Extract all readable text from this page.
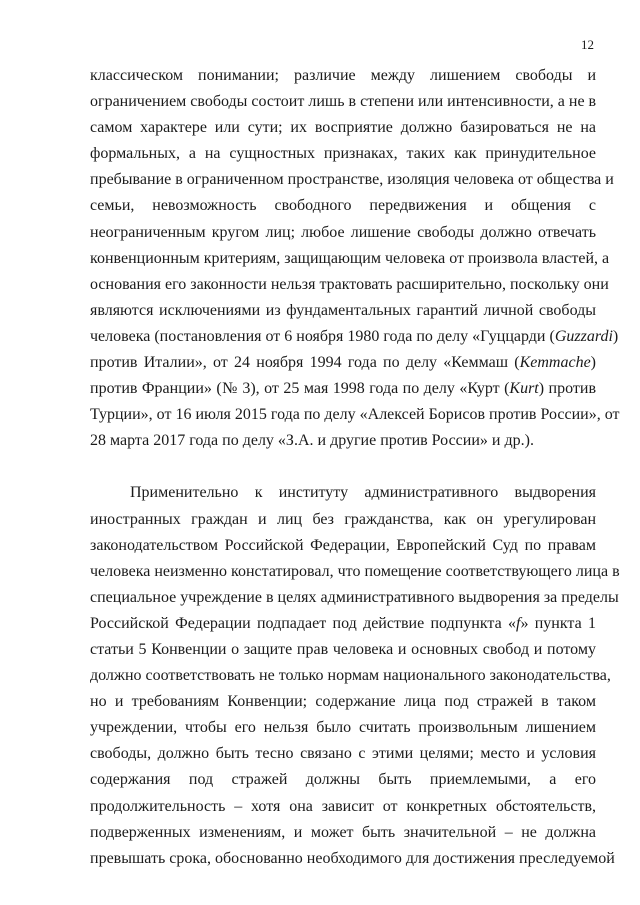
12
классическом понимании; различие между лишением свободы и
ограничением свободы состоит лишь в степени или интенсивности, а не в
самом характере или сути; их восприятие должно базироваться не на
формальных, а на сущностных признаках, таких как принудительное
пребывание в ограниченном пространстве, изоляция человека от общества и
семьи, невозможность свободного передвижения и общения с
неограниченным кругом лиц; любое лишение свободы должно отвечать
конвенционным критериям, защищающим человека от произвола властей, а
основания его законности нельзя трактовать расширительно, поскольку они
являются исключениями из фундаментальных гарантий личной свободы
человека (постановления от 6 ноября 1980 года по делу «Гуццарди (Guzzardi)
против Италии», от 24 ноября 1994 года по делу «Кеммаш (Kemmache)
против Франции» (№ 3), от 25 мая 1998 года по делу «Курт (Kurt) против
Турции», от 16 июля 2015 года по делу «Алексей Борисов против России», от
28 марта 2017 года по делу «З.А. и другие против России» и др.).
Применительно к институту административного выдворения
иностранных граждан и лиц без гражданства, как он урегулирован
законодательством Российской Федерации, Европейский Суд по правам
человека неизменно констатировал, что помещение соответствующего лица в
специальное учреждение в целях административного выдворения за пределы
Российской Федерации подпадает под действие подпункта «f» пункта 1
статьи 5 Конвенции о защите прав человека и основных свобод и потому
должно соответствовать не только нормам национального законодательства,
но и требованиям Конвенции; содержание лица под стражей в таком
учреждении, чтобы его нельзя было считать произвольным лишением
свободы, должно быть тесно связано с этими целями; место и условия
содержания под стражей должны быть приемлемыми, а его
продолжительность – хотя она зависит от конкретных обстоятельств,
подверженных изменениям, и может быть значительной – не должна
превышать срока, обоснованно необходимого для достижения преследуемой
